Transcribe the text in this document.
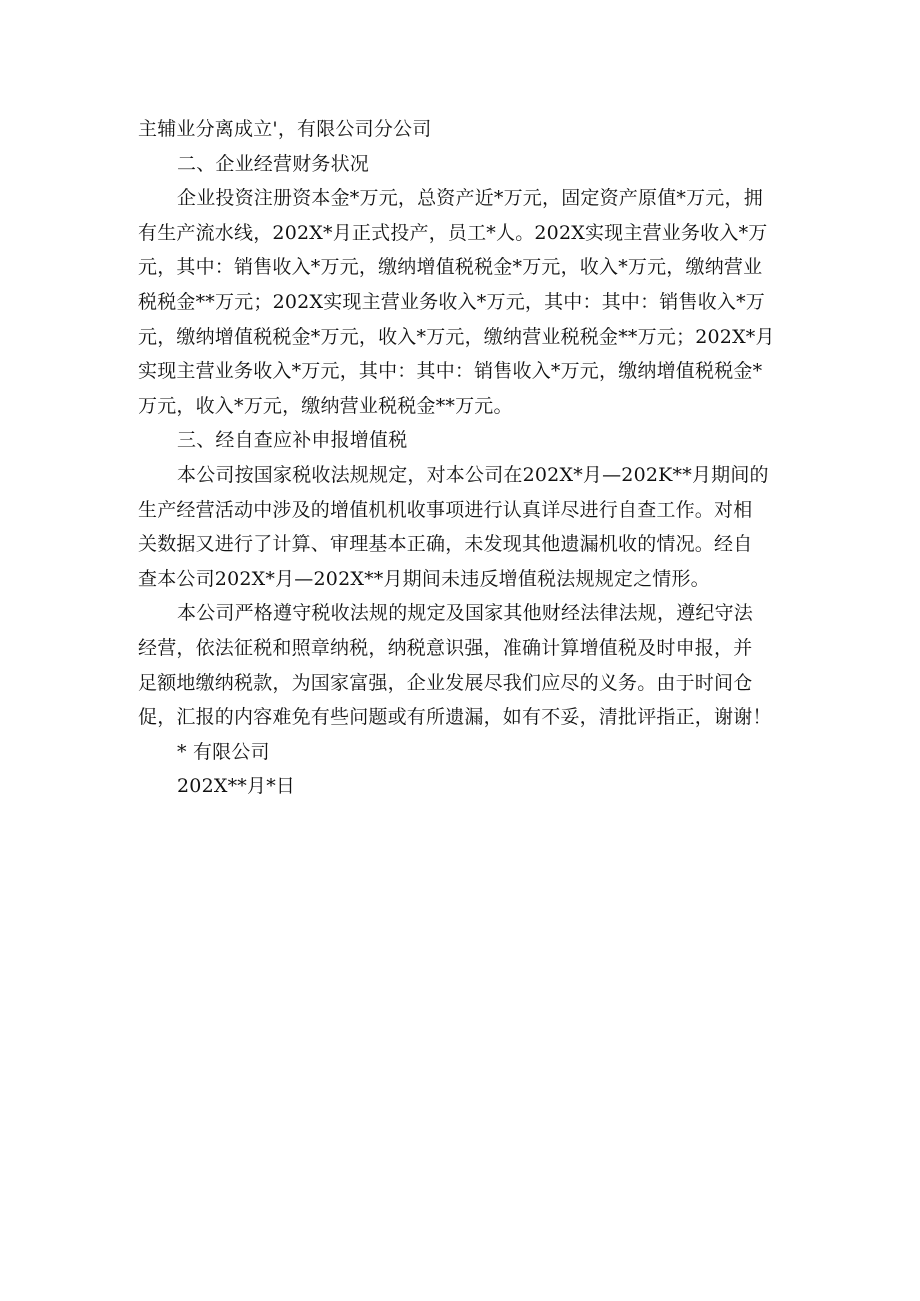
主辅业分离成立'，有限公司分公司
二、企业经营财务状况
企业投资注册资本金*万元，总资产近*万元，固定资产原值*万元，拥
有生产流水线，202X*月正式投产，员工*人。202X实现主营业务收入*万
元，其中：销售收入*万元，缴纳增值税税金*万元，收入*万元，缴纳营业
税税金**万元；202X实现主营业务收入*万元，其中：其中：销售收入*万
元，缴纳增值税税金*万元，收入*万元，缴纳营业税税金**万元；202X*月
实现主营业务收入*万元，其中：其中：销售收入*万元，缴纳增值税税金*
万元，收入*万元，缴纳营业税税金**万元。
三、经自查应补申报增值税
本公司按国家税收法规规定，对本公司在202X*月—202K**月期间的
生产经营活动中涉及的增值机机收事项进行认真详尽进行自查工作。对相
关数据又进行了计算、审理基本正确，未发现其他遗漏机收的情况。经自
查本公司202X*月—202X**月期间未违反增值税法规规定之情形。
本公司严格遵守税收法规的规定及国家其他财经法律法规，遵纪守法
经营，依法征税和照章纳税，纳税意识强，准确计算增值税及时申报，并
足额地缴纳税款，为国家富强，企业发展尽我们应尽的义务。由于时间仓
促，汇报的内容难免有些问题或有所遗漏，如有不妥，清批评指正，谢谢！
* 有限公司
202X**月*日
